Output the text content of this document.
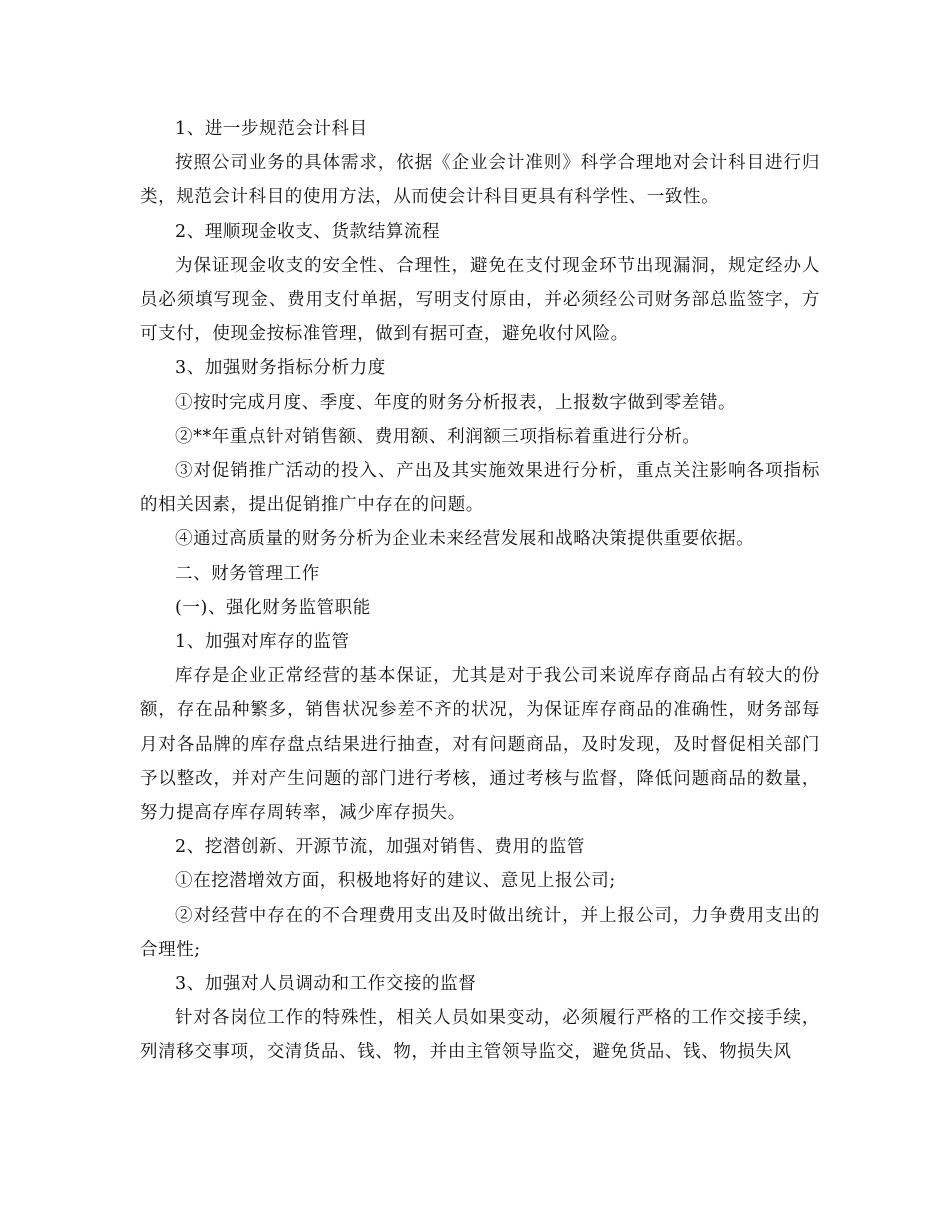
1、进一步规范会计科目

按照公司业务的具体需求，依据《企业会计准则》科学合理地对会计科目进行归类，规范会计科目的使用方法，从而使会计科目更具有科学性、一致性。

2、理顺现金收支、货款结算流程

为保证现金收支的安全性、合理性，避免在支付现金环节出现漏洞，规定经办人员必须填写现金、费用支付单据，写明支付原由，并必须经公司财务部总监签字，方可支付，使现金按标准管理，做到有据可查，避免收付风险。

3、加强财务指标分析力度

①按时完成月度、季度、年度的财务分析报表，上报数字做到零差错。

②**年重点针对销售额、费用额、利润额三项指标着重进行分析。

③对促销推广活动的投入、产出及其实施效果进行分析，重点关注影响各项指标的相关因素，提出促销推广中存在的问题。

④通过高质量的财务分析为企业未来经营发展和战略决策提供重要依据。

二、财务管理工作

(一)、强化财务监管职能

1、加强对库存的监管

库存是企业正常经营的基本保证，尤其是对于我公司来说库存商品占有较大的份额，存在品种繁多，销售状况参差不齐的状况，为保证库存商品的准确性，财务部每月对各品牌的库存盘点结果进行抽查，对有问题商品，及时发现，及时督促相关部门予以整改，并对产生问题的部门进行考核，通过考核与监督，降低问题商品的数量，努力提高存库存周转率，减少库存损失。

2、挖潜创新、开源节流，加强对销售、费用的监管

①在挖潜增效方面，积极地将好的建议、意见上报公司;

②对经营中存在的不合理费用支出及时做出统计，并上报公司，力争费用支出的合理性;

3、加强对人员调动和工作交接的监督

针对各岗位工作的特殊性，相关人员如果变动，必须履行严格的工作交接手续，列清移交事项，交清货品、钱、物，并由主管领导监交，避免货品、钱、物损失风
